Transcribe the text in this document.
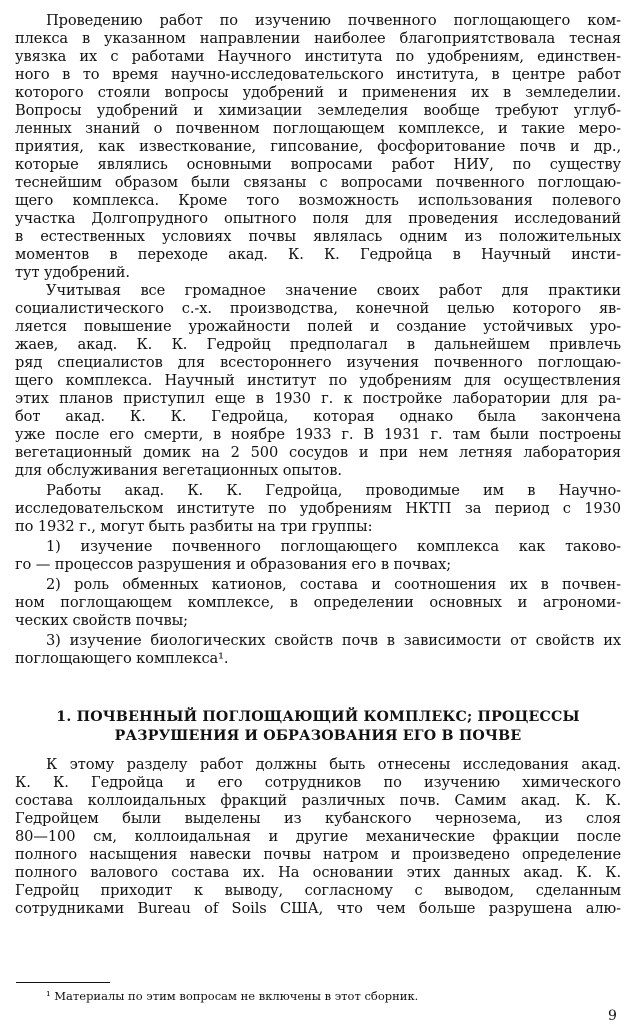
Проведению работ по изучению почвенного поглощающего ком-
плекса в указанном направлении наиболее благоприятствовала тесная
увязка их с работами Научного института по удобрениям, единствен-
ного в то время научно-исследовательского института, в центре работ
которого стояли вопросы удобрений и применения их в земледелии.
Вопросы удобрений и химизации земледелия вообще требуют углуб-
ленных знаний о почвенном поглощающем комплексе, и такие меро-
приятия, как известкование, гипсование, фосфоритование почв и др.,
которые являлись основными вопросами работ НИУ, по существу
теснейшим образом были связаны с вопросами почвенного поглощаю-
щего комплекса. Кроме того возможность использования полевого
участка Долгопрудного опытного поля для проведения исследований
в естественных условиях почвы являлась одним из положительных
моментов в переходе акад. К. К. Гедройца в Научный инсти-
тут удобрений.
Учитывая все громадное значение своих работ для практики
социалистического с.-х. производства, конечной целью которого яв-
ляется повышение урожайности полей и создание устойчивых уро-
жаев, акад. К. К. Гедройц предполагал в дальнейшем привлечь
ряд специалистов для всестороннего изучения почвенного поглощаю-
щего комплекса. Научный институт по удобрениям для осуществления
этих планов приступил еще в 1930 г. к постройке лаборатории для ра-
бот акад. К. К. Гедройца, которая однако была закончена
уже после его смерти, в ноябре 1933 г. В 1931 г. там были построены
вегетационный домик на 2 500 сосудов и при нем летняя лаборатория
для обслуживания вегетационных опытов.
Работы акад. К. К. Гедройца, проводимые им в Научно-
исследовательском институте по удобрениям НКТП за период с 1930
по 1932 г., могут быть разбиты на три группы:
1) изучение почвенного поглощающего комплекса как таково-
го — процессов разрушения и образования его в почвах;
2) роль обменных катионов, состава и соотношения их в почвен-
ном поглощающем комплексе, в определении основных и агрономи-
ческих свойств почвы;
3) изучение биологических свойств почв в зависимости от свойств их
поглощающего комплекса¹.
1. ПОЧВЕННЫЙ ПОГЛОЩАЮЩИЙ КОМПЛЕКС; ПРОЦЕССЫ
РАЗРУШЕНИЯ И ОБРАЗОВАНИЯ ЕГО В ПОЧВЕ
К этому разделу работ должны быть отнесены исследования акад.
К. К. Гедройца и его сотрудников по изучению химического
состава коллоидальных фракций различных почв. Самим акад. К. К.
Гедройцем были выделены из кубанского чернозема, из слоя
80—100 см, коллоидальная и другие механические фракции после
полного насыщения навески почвы натром и произведено определение
полного валового состава их. На основании этих данных акад. К. К.
Гедройц приходит к выводу, согласному с выводом, сделанным
сотрудниками Bureau of Soils США, что чем больше разрушена алю-
¹ Материалы по этим вопросам не включены в этот сборник.
9
